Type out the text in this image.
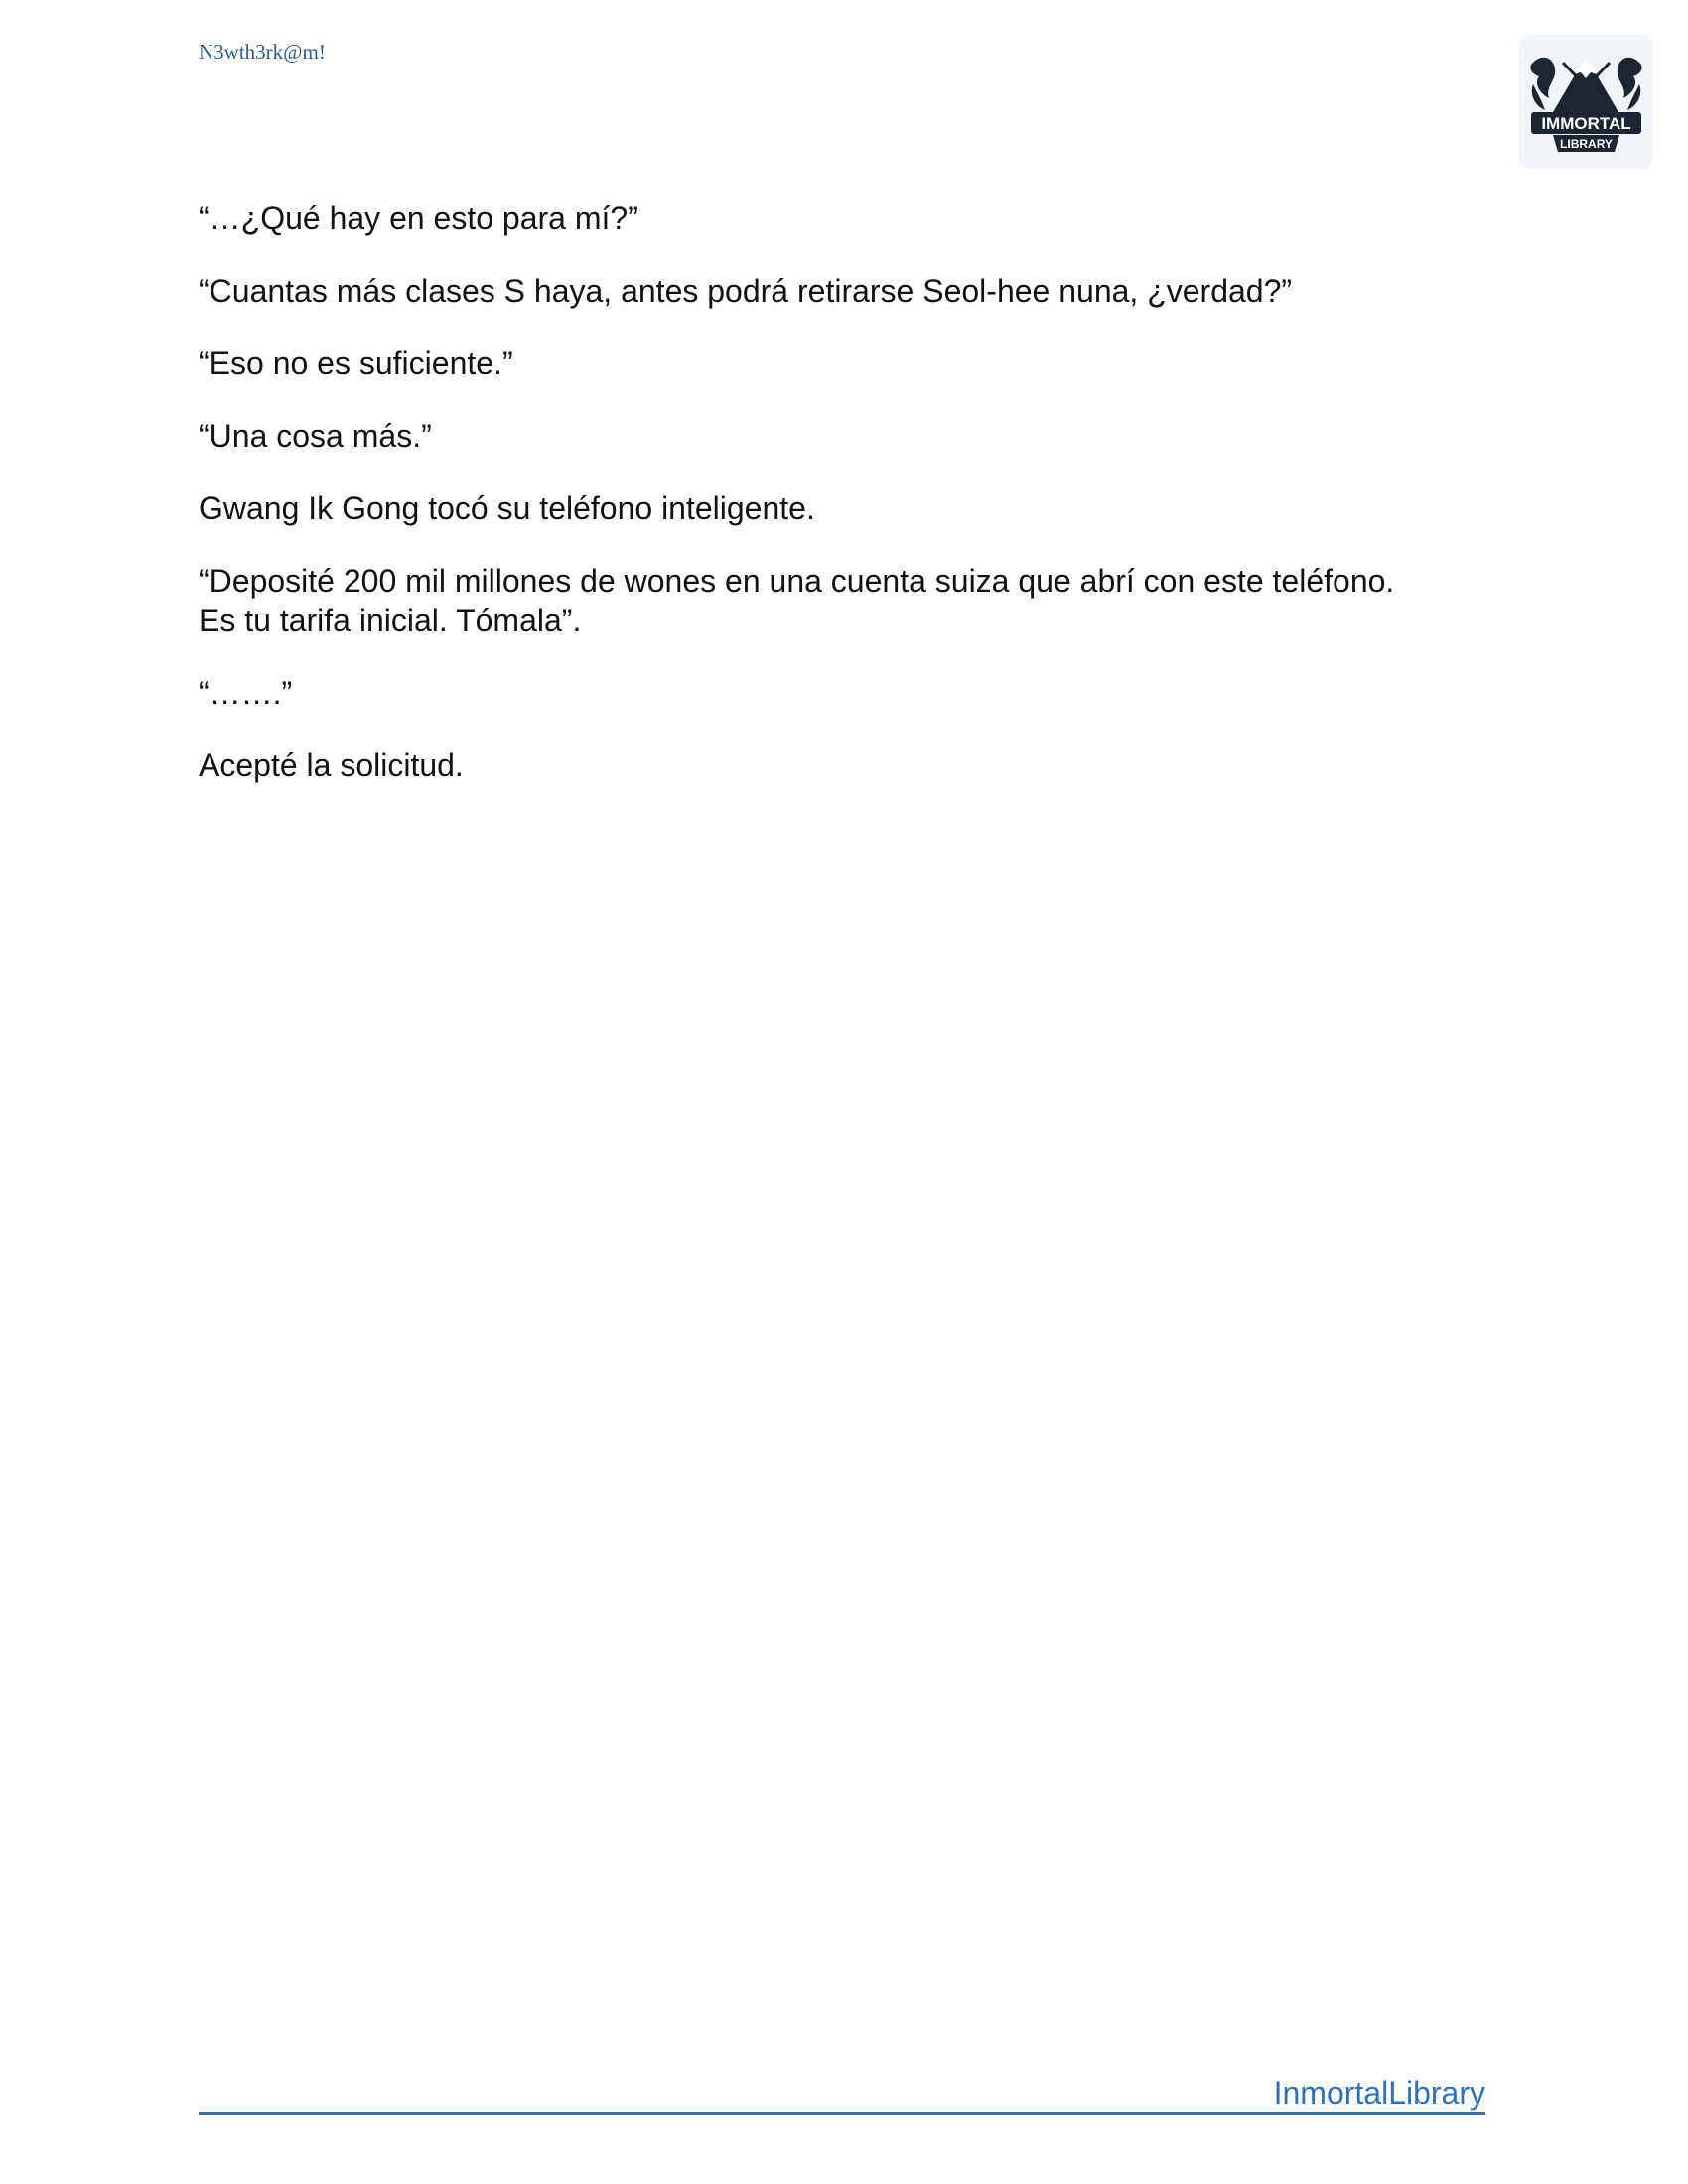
N3wth3rk@m!
IMMORTAL
LIBRARY

“…¿Qué hay en esto para mí?”

“Cuantas más clases S haya, antes podrá retirarse Seol-hee nuna, ¿verdad?”

“Eso no es suficiente.”

“Una cosa más.”

Gwang Ik Gong tocó su teléfono inteligente.

“Deposité 200 mil millones de wones en una cuenta suiza que abrí con este teléfono.
Es tu tarifa inicial. Tómala”.

“…….”

Acepté la solicitud.

InmortalLibrary
